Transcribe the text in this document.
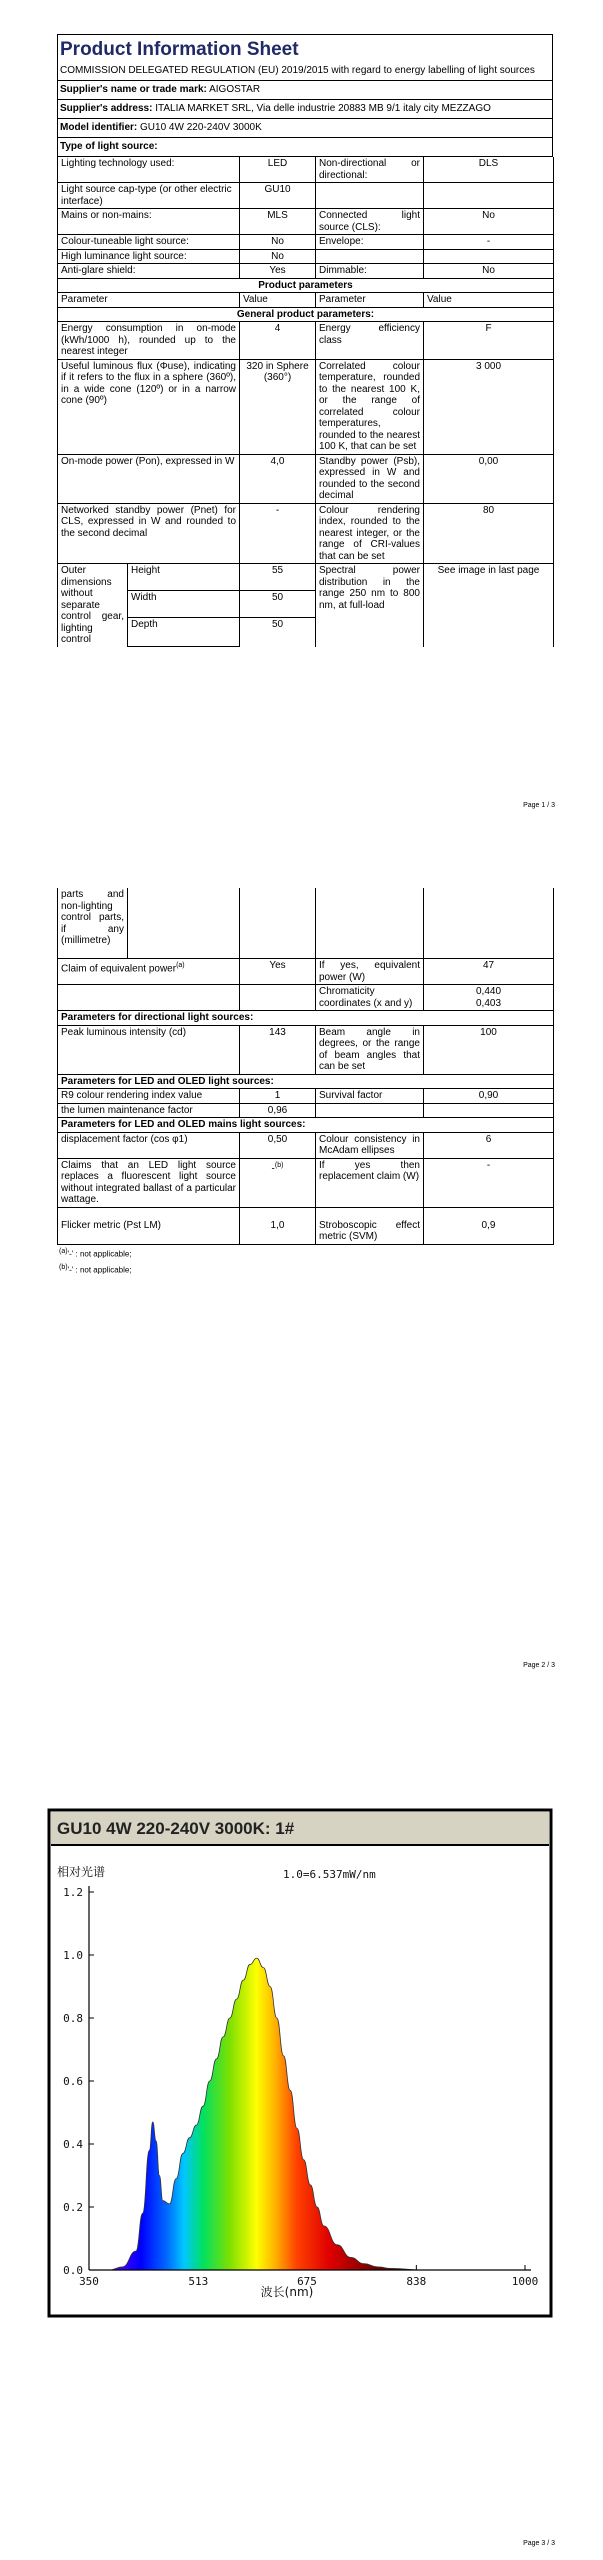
Product Information Sheet
COMMISSION DELEGATED REGULATION (EU) 2019/2015 with regard to energy labelling of light sources
Supplier's name or trade mark: AIGOSTAR
Supplier's address: ITALIA MARKET SRL, Via delle industrie 20883 MB 9/1 italy city MEZZAGO
Model identifier: GU10 4W 220-240V 3000K
Type of light source:
Lighting technology used:	LED	Non-directional or directional:	DLS
Light source cap-type (or other electric interface)	GU10		
Mains or non-mains:	MLS	Connected light source (CLS):	No
Colour-tuneable light source:	No	Envelope:	-
High luminance light source:	No		
Anti-glare shield:	Yes	Dimmable:	No
Product parameters			
Parameter	Value	Parameter	Value
General product parameters:			
Energy consumption in on-mode (kWh/1000 h), rounded up to the nearest integer	4	Energy efficiency class	F
Useful luminous flux (Φuse), indicating if it refers to the flux in a sphere (360º), in a wide cone (120º) or in a narrow cone (90º)	320 in Sphere (360°)	Correlated colour temperature, rounded to the nearest 100 K, or the range of correlated colour temperatures, rounded to the nearest 100 K, that can be set	3 000
On-mode power (Pon), expressed in W	4,0	Standby power (Psb), expressed in W and rounded to the second decimal	0,00
Networked standby power (Pnet) for CLS, expressed in W and rounded to the second decimal	-	Colour rendering index, rounded to the nearest integer, or the range of CRI-values that can be set	80
Outer dimensions without separate control gear, lighting control	Height	55	Spectral power distribution in the range 250 nm to 800 nm, at full-load	See image in last page
	Width	50		
	Depth	50		
Page 1 / 3
parts and non-lighting control parts, if any (millimetre)				
Claim of equivalent power$^{(a)}$	Yes	If yes, equivalent power (W)	47
		Chromaticity coordinates (x and y)	0,440
0,403

Parameters for directional light sources:			
Peak luminous intensity (cd)	143	Beam angle in degrees, or the range of beam angles that can be set	100
Parameters for LED and OLED light sources:			
R9 colour rendering index value	1	Survival factor	0,90
the lumen maintenance factor	0,96		
Parameters for LED and OLED mains light sources:			
displacement factor (cos φ1)	0,50	Colour consistency in McAdam ellipses	6
Claims that an LED light source replaces a fluorescent light source without integrated ballast of a particular wattage.	-$^{(b)}$	If yes then replacement claim (W)	-
Flicker metric (Pst LM)	1,0	Stroboscopic effect metric (SVM)	0,9
$^{(a)}$'-' : not applicable;
$^{(b)}$'-' : not applicable;
Page 2 / 3
GU10 4W 220-240V 3000K: 1#
相对光谱	1.0=6.537mW/nm
0.0
0.2
0.4
0.6
0.8
1.0
1.2
350	513	675	838	1000
波长(nm)
Page 3 / 3
